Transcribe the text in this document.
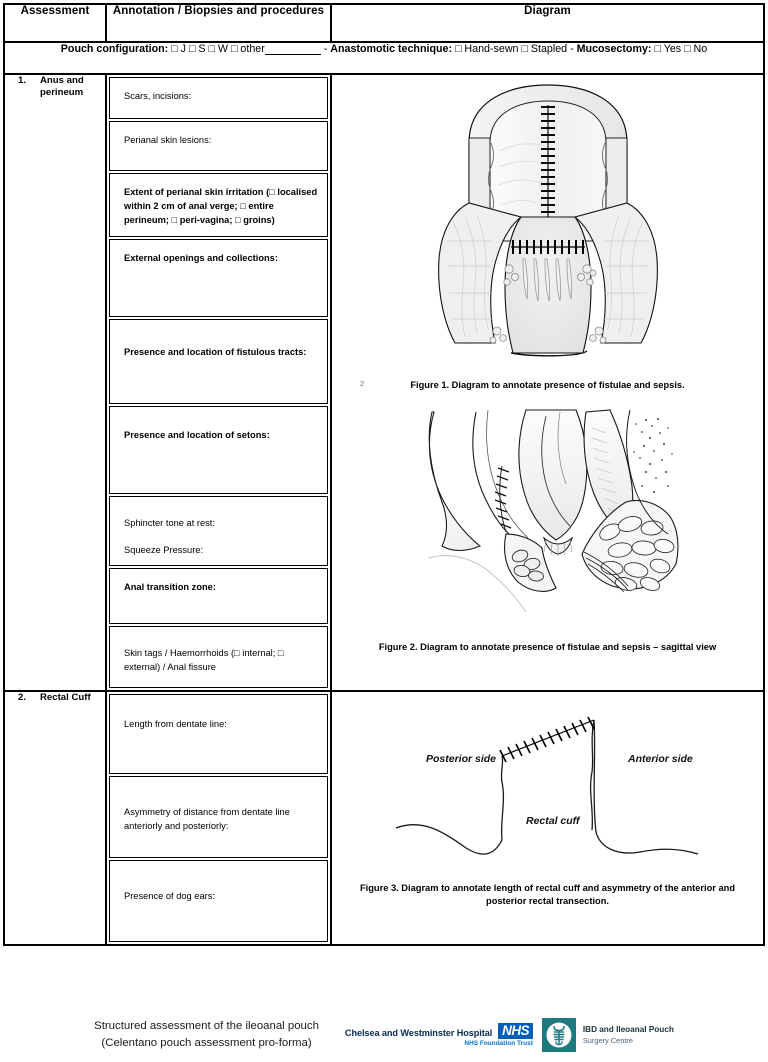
Assessment	Annotation / Biopsies and procedures	Diagram
Pouch configuration: □ J □ S □ W □ other - Anastomotic technique: □ Hand-sewn □ Stapled - Mucosectomy: □ Yes □ No		

1.	Anus and perineum	Scars, incisions:
Perianal skin lesions:
Extent of perianal skin irritation (□ localised within 2 cm of anal verge; □ entire perineum; □ peri-vagina; □ groins)
External openings and collections:
Presence and location of fistulous tracts:
Presence and location of setons:
Sphincter tone at rest:
Squeeze Pressure:
Anal transition zone:
Skin tags / Haemorrhoids (□ internal; □ external) / Anal fissure

Figure 1. Diagram to annotate presence of fistulae and sepsis.
2
Figure 2. Diagram to annotate presence of fistulae and sepsis – sagittal view

2.	Rectal Cuff

Length from dentate line:
Asymmetry of distance from dentate line anteriorly and posteriorly:
Presence of dog ears:

Posterior side	Anterior side
Rectal cuff
Figure 3. Diagram to annotate length of rectal cuff and asymmetry of the anterior and
posterior rectal transection.
Structured assessment of the ileoanal pouch
(Celentano pouch assessment pro-forma)
Chelsea and Westminster Hospital NHS
NHS Foundation Trust
IBD and Ileoanal Pouch
Surgery Centre
